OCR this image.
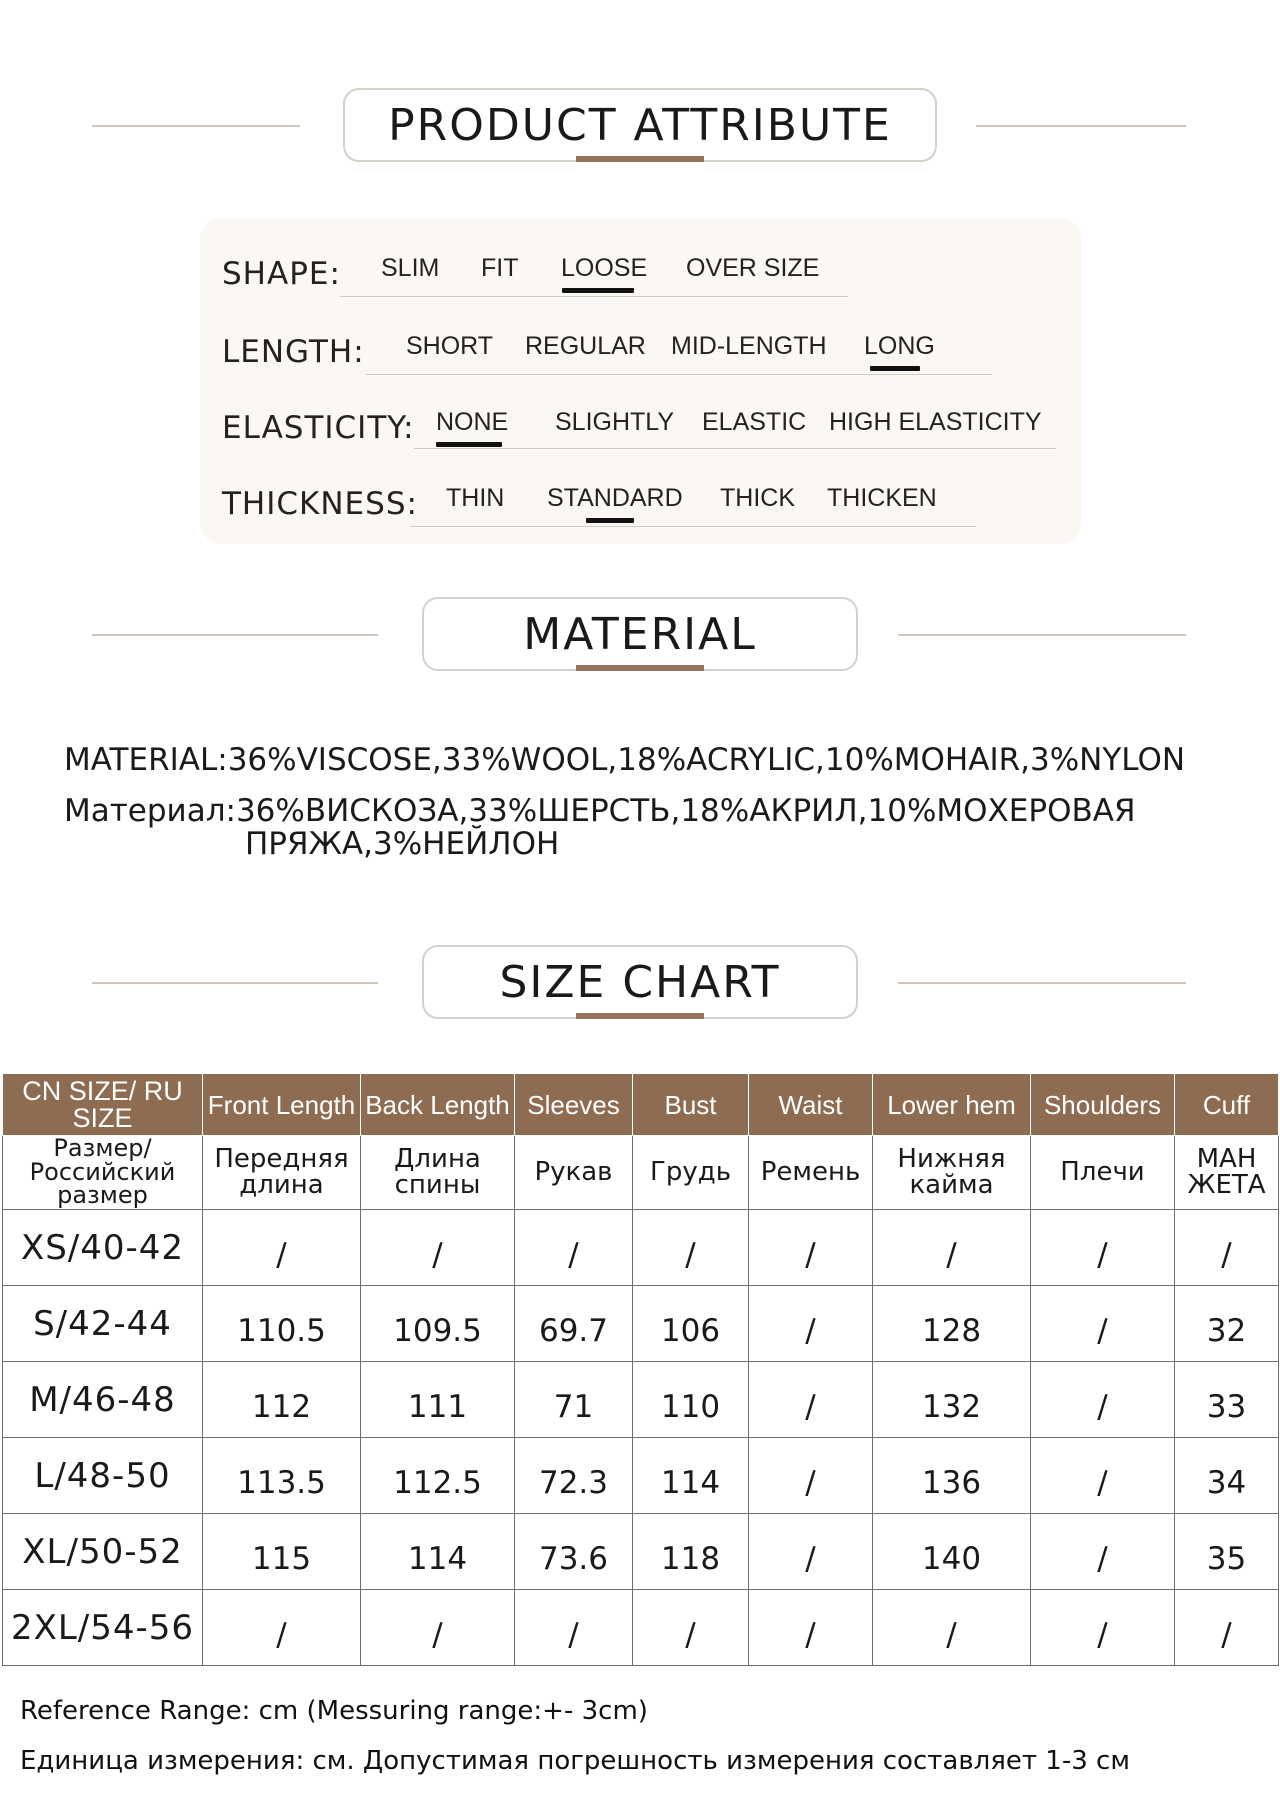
PRODUCT ATTRIBUTE
SHAPE: SLIM FIT LOOSE OVER SIZE
LENGTH: SHORT REGULAR MID-LENGTH LONG
ELASTICITY: NONE SLIGHTLY ELASTIC HIGH ELASTICITY
THICKNESS: THIN STANDARD THICK THICKEN
MATERIAL
MATERIAL:36%VISCOSE,33%WOOL,18%ACRYLIC,10%MOHAIR,3%NYLON
Материал:36%ВИСКОЗА,33%ШЕРСТЬ,18%АКРИЛ,10%МОХЕРОВАЯ
ПРЯЖА,3%НЕЙЛОН
SIZE CHART
CN SIZE/ RU SIZE	Front Length	Back Length	Sleeves	Bust	Waist	Lower hem	Shoulders	Cuff
Размер/ Российский размер	Передняя длина	Длина спины	Рукав	Грудь	Ремень	Нижняя кайма	Плечи	МАН ЖЕТА
XS/40-42	/	/	/	/	/	/	/	/
S/42-44	110.5	109.5	69.7	106	/	128	/	32
M/46-48	112	111	71	110	/	132	/	33
L/48-50	113.5	112.5	72.3	114	/	136	/	34
XL/50-52	115	114	73.6	118	/	140	/	35
2XL/54-56	/	/	/	/	/	/	/	/
Reference Range: cm (Messuring range:+- 3cm)
Единица измерения: см. Допустимая погрешность измерения составляет 1-3 см
